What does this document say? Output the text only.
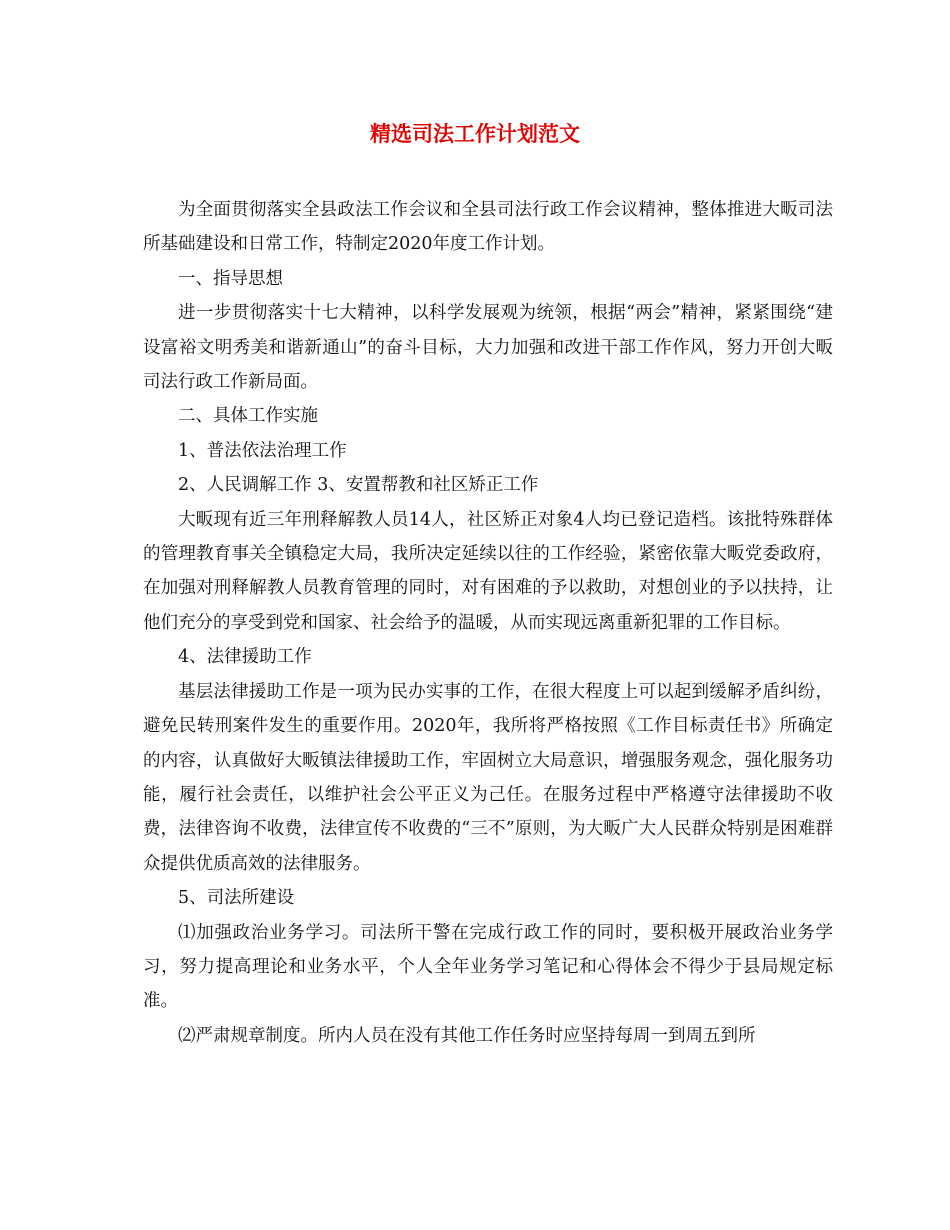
精选司法工作计划范文

为全面贯彻落实全县政法工作会议和全县司法行政工作会议精神，整体推进大畈司法所基础建设和日常工作，特制定2020年度工作计划。

一、指导思想

进一步贯彻落实十七大精神，以科学发展观为统领，根据“两会”精神，紧紧围绕“建设富裕文明秀美和谐新通山”的奋斗目标，大力加强和改进干部工作作风，努力开创大畈司法行政工作新局面。

二、具体工作实施

1、普法依法治理工作

2、人民调解工作 3、安置帮教和社区矫正工作

大畈现有近三年刑释解教人员14人，社区矫正对象4人均已登记造档。该批特殊群体的管理教育事关全镇稳定大局，我所决定延续以往的工作经验，紧密依靠大畈党委政府，在加强对刑释解教人员教育管理的同时，对有困难的予以救助，对想创业的予以扶持，让他们充分的享受到党和国家、社会给予的温暖，从而实现远离重新犯罪的工作目标。

4、法律援助工作

基层法律援助工作是一项为民办实事的工作，在很大程度上可以起到缓解矛盾纠纷，避免民转刑案件发生的重要作用。2020年，我所将严格按照《工作目标责任书》所确定的内容，认真做好大畈镇法律援助工作，牢固树立大局意识，增强服务观念，强化服务功能，履行社会责任，以维护社会公平正义为己任。在服务过程中严格遵守法律援助不收费，法律咨询不收费，法律宣传不收费的“三不”原则，为大畈广大人民群众特别是困难群众提供优质高效的法律服务。

5、司法所建设

⑴加强政治业务学习。司法所干警在完成行政工作的同时，要积极开展政治业务学习，努力提高理论和业务水平，个人全年业务学习笔记和心得体会不得少于县局规定标准。

⑵严肃规章制度。所内人员在没有其他工作任务时应坚持每周一到周五到所
